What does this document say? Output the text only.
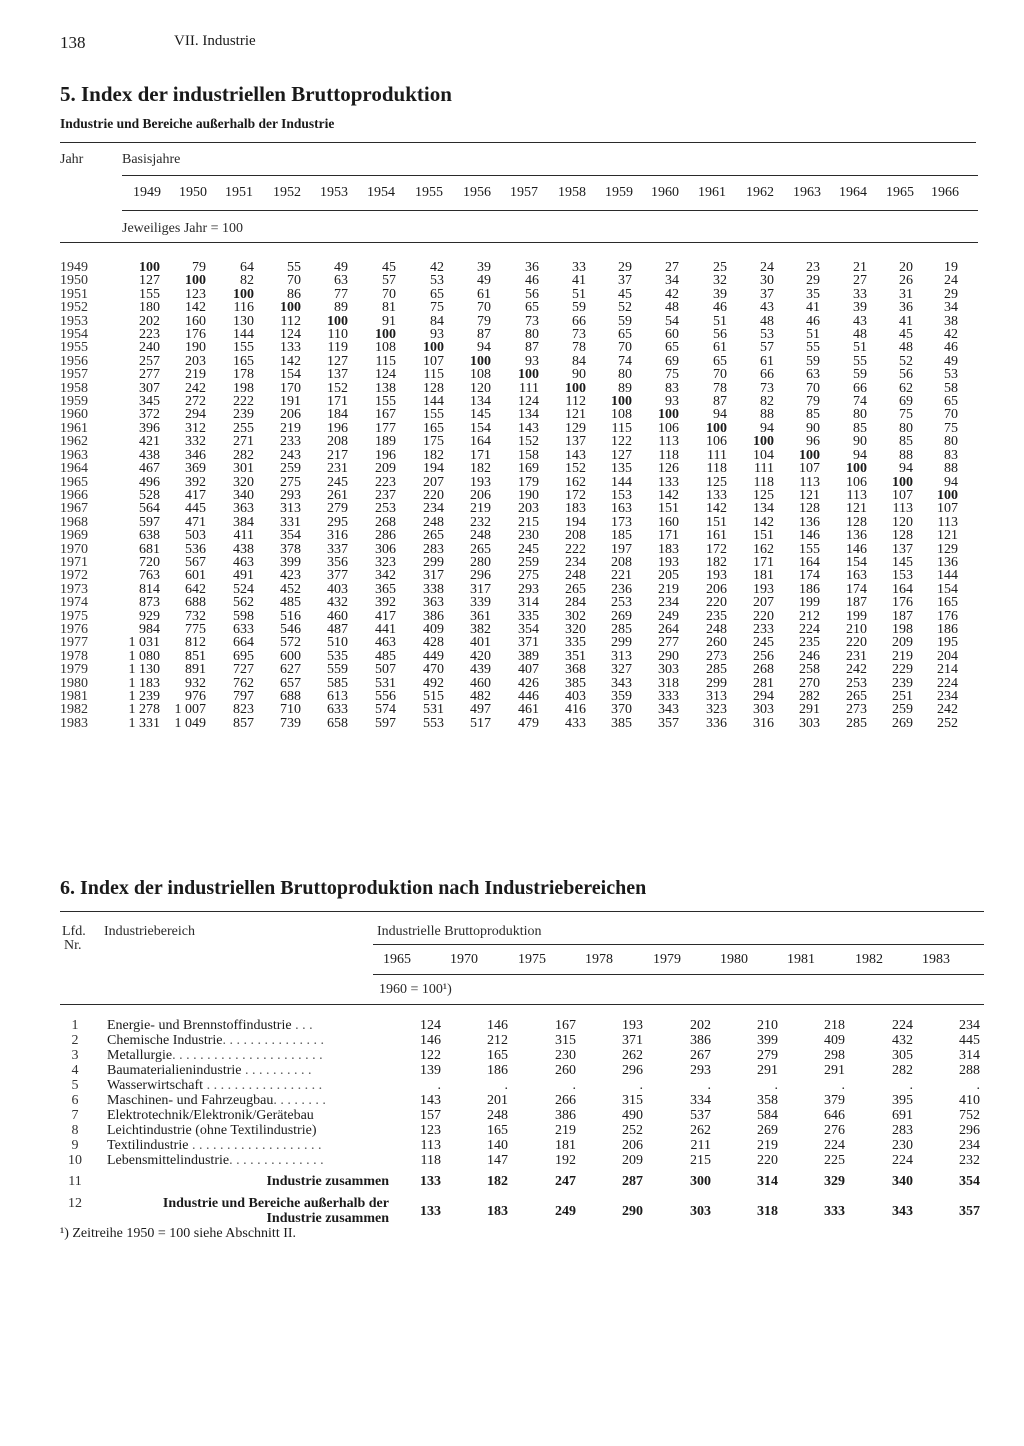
138	VII. Industrie
5. Index der industriellen Bruttoproduktion
Industrie und Bereiche außerhalb der Industrie
Jahr	Basisjahre
1949	1950	1951	1952	1953	1954	1955	1956	1957	1958	1959	1960	1961	1962	1963	1964	1965	1966
Jeweiliges Jahr = 100
1949	100	79	64	55	49	45	42	39	36	33	29	27	25	24	23	21	20	19
1950	127	100	82	70	63	57	53	49	46	41	37	34	32	30	29	27	26	24
1951	155	123	100	86	77	70	65	61	56	51	45	42	39	37	35	33	31	29
1952	180	142	116	100	89	81	75	70	65	59	52	48	46	43	41	39	36	34
1953	202	160	130	112	100	91	84	79	73	66	59	54	51	48	46	43	41	38
1954	223	176	144	124	110	100	93	87	80	73	65	60	56	53	51	48	45	42
1955	240	190	155	133	119	108	100	94	87	78	70	65	61	57	55	51	48	46
1956	257	203	165	142	127	115	107	100	93	84	74	69	65	61	59	55	52	49
1957	277	219	178	154	137	124	115	108	100	90	80	75	70	66	63	59	56	53
1958	307	242	198	170	152	138	128	120	111	100	89	83	78	73	70	66	62	58
1959	345	272	222	191	171	155	144	134	124	112	100	93	87	82	79	74	69	65
1960	372	294	239	206	184	167	155	145	134	121	108	100	94	88	85	80	75	70
1961	396	312	255	219	196	177	165	154	143	129	115	106	100	94	90	85	80	75
1962	421	332	271	233	208	189	175	164	152	137	122	113	106	100	96	90	85	80
1963	438	346	282	243	217	196	182	171	158	143	127	118	111	104	100	94	88	83
1964	467	369	301	259	231	209	194	182	169	152	135	126	118	111	107	100	94	88
1965	496	392	320	275	245	223	207	193	179	162	144	133	125	118	113	106	100	94
1966	528	417	340	293	261	237	220	206	190	172	153	142	133	125	121	113	107	100
1967	564	445	363	313	279	253	234	219	203	183	163	151	142	134	128	121	113	107
1968	597	471	384	331	295	268	248	232	215	194	173	160	151	142	136	128	120	113
1969	638	503	411	354	316	286	265	248	230	208	185	171	161	151	146	136	128	121
1970	681	536	438	378	337	306	283	265	245	222	197	183	172	162	155	146	137	129
1971	720	567	463	399	356	323	299	280	259	234	208	193	182	171	164	154	145	136
1972	763	601	491	423	377	342	317	296	275	248	221	205	193	181	174	163	153	144
1973	814	642	524	452	403	365	338	317	293	265	236	219	206	193	186	174	164	154
1974	873	688	562	485	432	392	363	339	314	284	253	234	220	207	199	187	176	165
1975	929	732	598	516	460	417	386	361	335	302	269	249	235	220	212	199	187	176
1976	984	775	633	546	487	441	409	382	354	320	285	264	248	233	224	210	198	186
1977	1 031	812	664	572	510	463	428	401	371	335	299	277	260	245	235	220	209	195
1978	1 080	851	695	600	535	485	449	420	389	351	313	290	273	256	246	231	219	204
1979	1 130	891	727	627	559	507	470	439	407	368	327	303	285	268	258	242	229	214
1980	1 183	932	762	657	585	531	492	460	426	385	343	318	299	281	270	253	239	224
1981	1 239	976	797	688	613	556	515	482	446	403	359	333	313	294	282	265	251	234
1982	1 278	1 007	823	710	633	574	531	497	461	416	370	343	323	303	291	273	259	242
1983	1 331	1 049	857	739	658	597	553	517	479	433	385	357	336	316	303	285	269	252
6. Index der industriellen Bruttoproduktion nach Industriebereichen
Lfd.
Nr.
Industriebereich	Industrielle Bruttoproduktion
1965	1970	1975	1978	1979	1980	1981	1982	1983
1960 = 100¹)
1	Energie- und Brennstoffindustrie . . .	124	146	167	193	202	210	218	224	234
2	Chemische Industrie. . . . . . . . . . . . . . .	146	212	315	371	386	399	409	432	445
3	Metallurgie. . . . . . . . . . . . . . . . . . . . . .	122	165	230	262	267	279	298	305	314
4	Baumaterialienindustrie . . . . . . . . . .	139	186	260	296	293	291	291	282	288
5	Wasserwirtschaft . . . . . . . . . . . . . . . . .	.	.	.	.	.	.	.	.	.
6	Maschinen- und Fahrzeugbau. . . . . . . .	143	201	266	315	334	358	379	395	410
7	Elektrotechnik/Elektronik/Gerätebau	157	248	386	490	537	584	646	691	752
8	Leichtindustrie (ohne Textilindustrie)	123	165	219	252	262	269	276	283	296
9	Textilindustrie . . . . . . . . . . . . . . . . . . .	113	140	181	206	211	219	224	230	234
10	Lebensmittelindustrie. . . . . . . . . . . . . .	118	147	192	209	215	220	225	224	232
11	Industrie zusammen	133	182	247	287	300	314	329	340	354
12	Industrie und Bereiche außerhalb der									
	Industrie zusammen	133	183	249	290	303	318	333	343	357
¹) Zeitreihe 1950 = 100 siehe Abschnitt II.
